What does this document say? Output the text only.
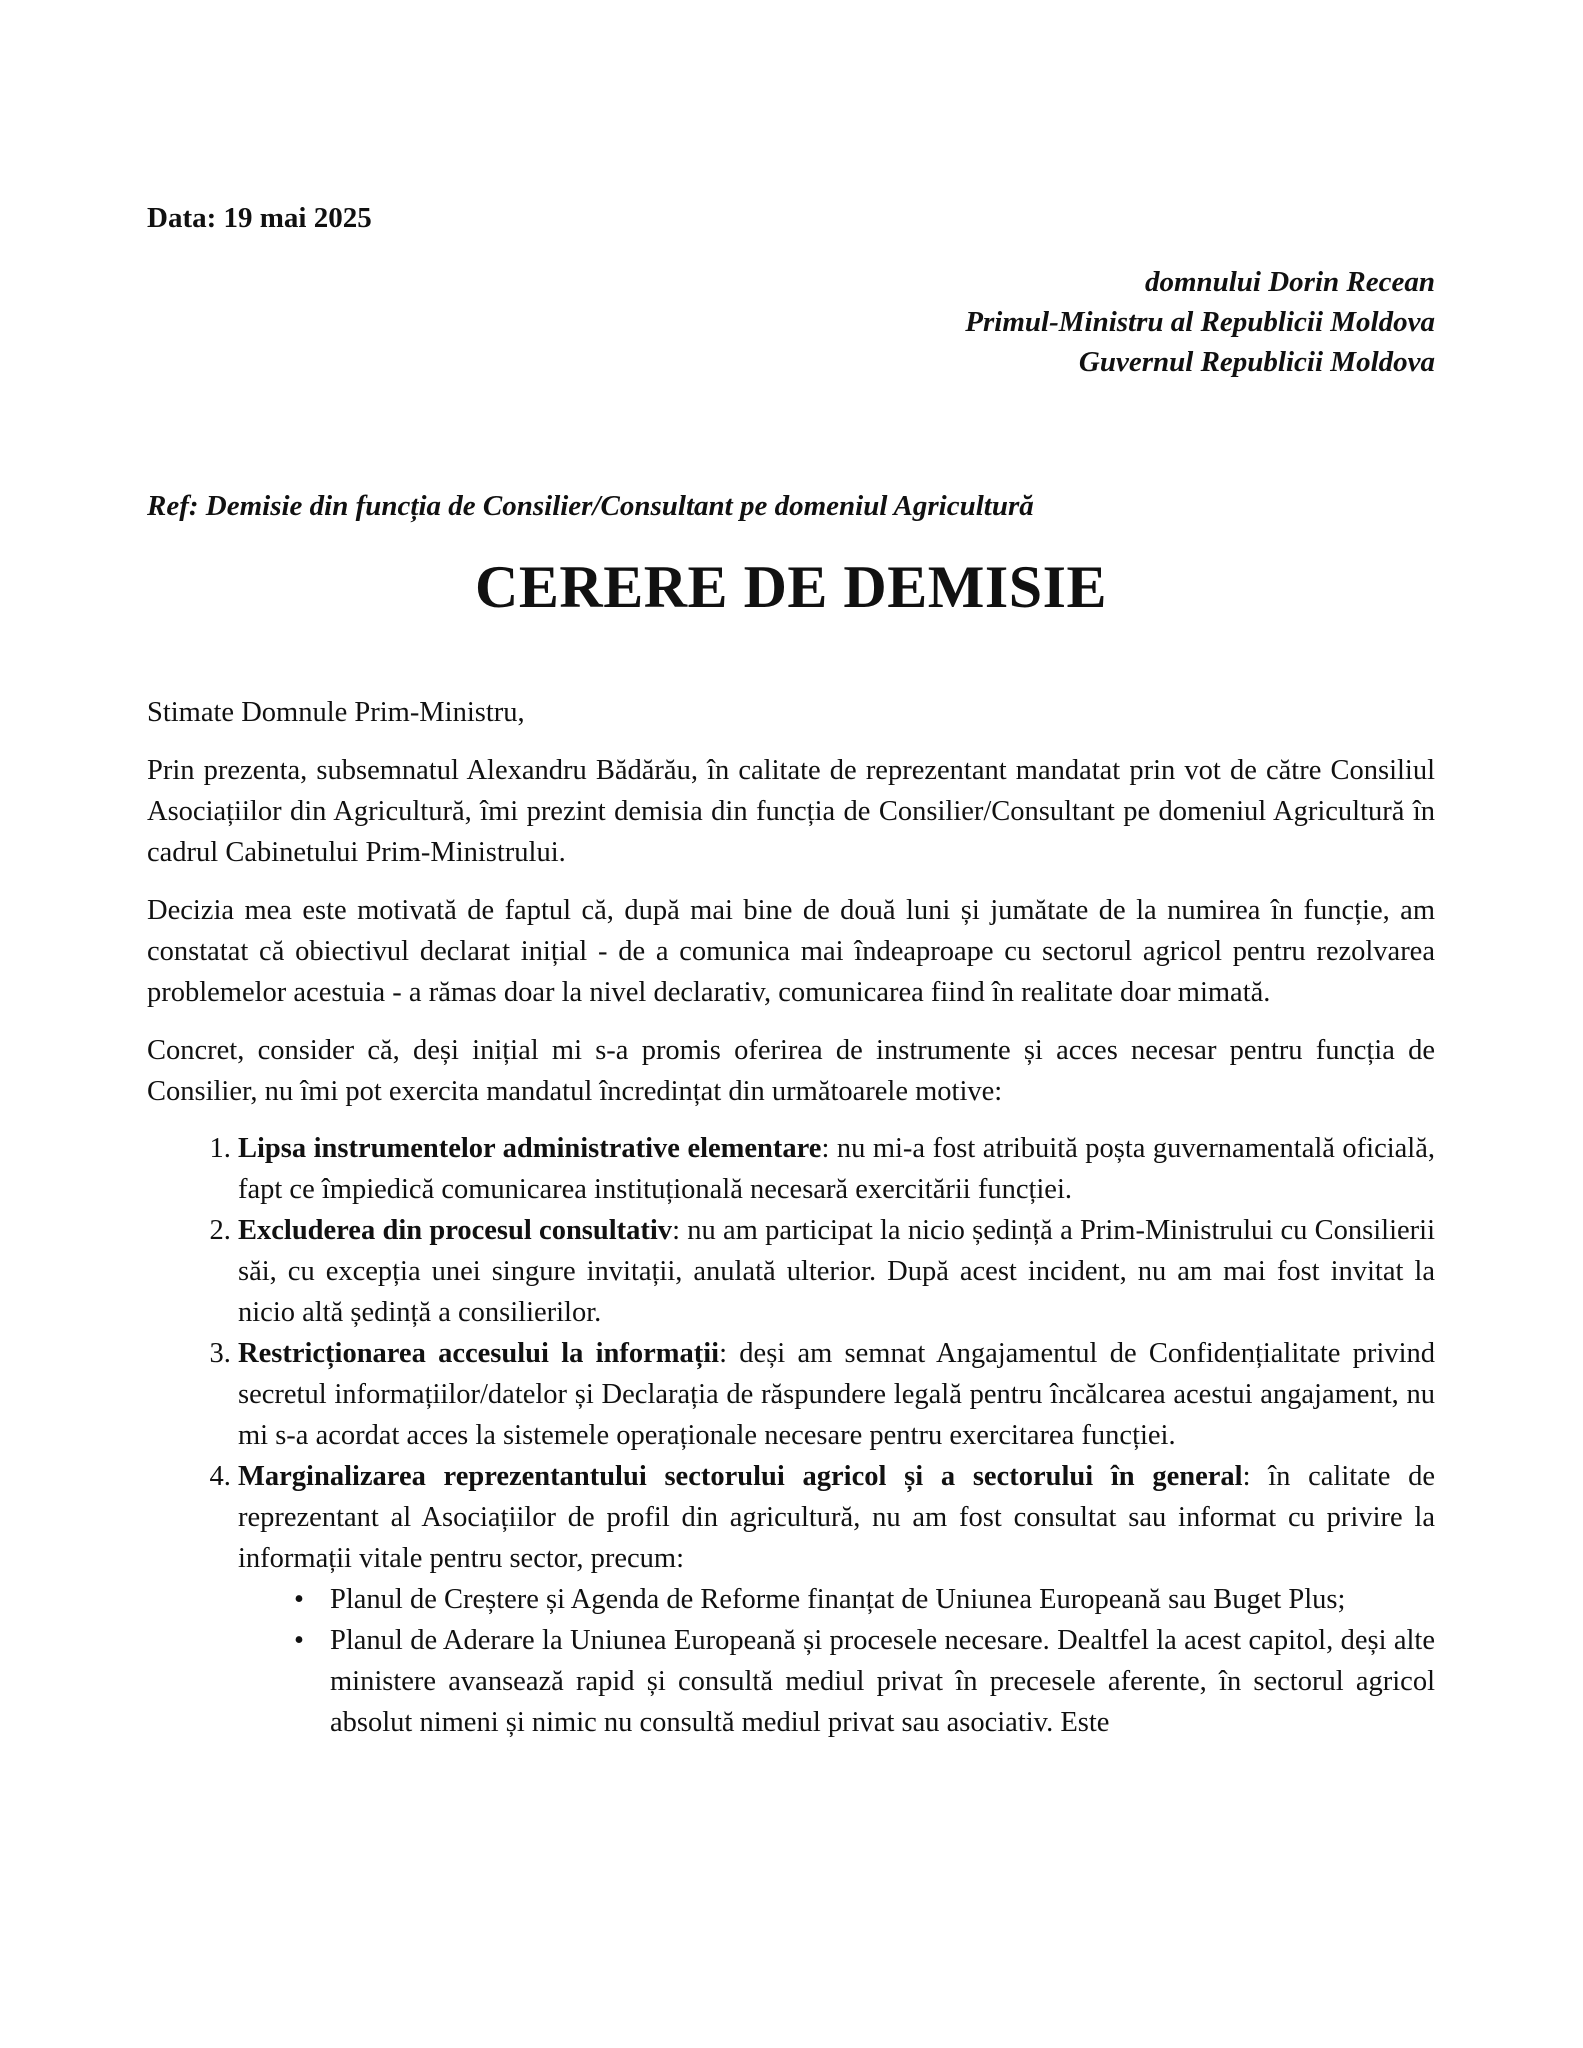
Data: 19 mai 2025

domnului Dorin Recean
Primul-Ministru al Republicii Moldova
Guvernul Republicii Moldova
Ref: Demisie din funcția de Consilier/Consultant pe domeniul Agricultură
CERERE DE DEMISIE

Stimate Domnule Prim-Ministru,

Prin prezenta, subsemnatul Alexandru Bădărău, în calitate de reprezentant mandatat prin vot de către Consiliul Asociațiilor din Agricultură, îmi prezint demisia din funcția de Consilier/Consultant pe domeniul Agricultură în cadrul Cabinetului Prim-Ministrului.

Decizia mea este motivată de faptul că, după mai bine de două luni și jumătate de la numirea în funcție, am constatat că obiectivul declarat inițial - de a comunica mai îndeaproape cu sectorul agricol pentru rezolvarea problemelor acestuia - a rămas doar la nivel declarativ, comunicarea fiind în realitate doar mimată.

Concret, consider că, deși inițial mi s-a promis oferirea de instrumente și acces necesar pentru funcția de Consilier, nu îmi pot exercita mandatul încredințat din următoarele motive:

1. Lipsa instrumentelor administrative elementare: nu mi-a fost atribuită poșta guvernamentală oficială, fapt ce împiedică comunicarea instituțională necesară exercitării funcției.
2. Excluderea din procesul consultativ: nu am participat la nicio ședință a Prim-Ministrului cu Consilierii săi, cu excepția unei singure invitații, anulată ulterior. După acest incident, nu am mai fost invitat la nicio altă ședință a consilierilor.
3. Restricționarea accesului la informații: deși am semnat Angajamentul de Confidențialitate privind secretul informațiilor/datelor și Declarația de răspundere legală pentru încălcarea acestui angajament, nu mi s-a acordat acces la sistemele operaționale necesare pentru exercitarea funcției.
4. Marginalizarea reprezentantului sectorului agricol și a sectorului în general: în calitate de reprezentant al Asociațiilor de profil din agricultură, nu am fost consultat sau informat cu privire la informații vitale pentru sector, precum:
• Planul de Creștere și Agenda de Reforme finanțat de Uniunea Europeană sau Buget Plus;
• Planul de Aderare la Uniunea Europeană și procesele necesare. Dealtfel la acest capitol, deși alte ministere avansează rapid și consultă mediul privat în precesele aferente, în sectorul agricol absolut nimeni și nimic nu consultă mediul privat sau asociativ. Este
